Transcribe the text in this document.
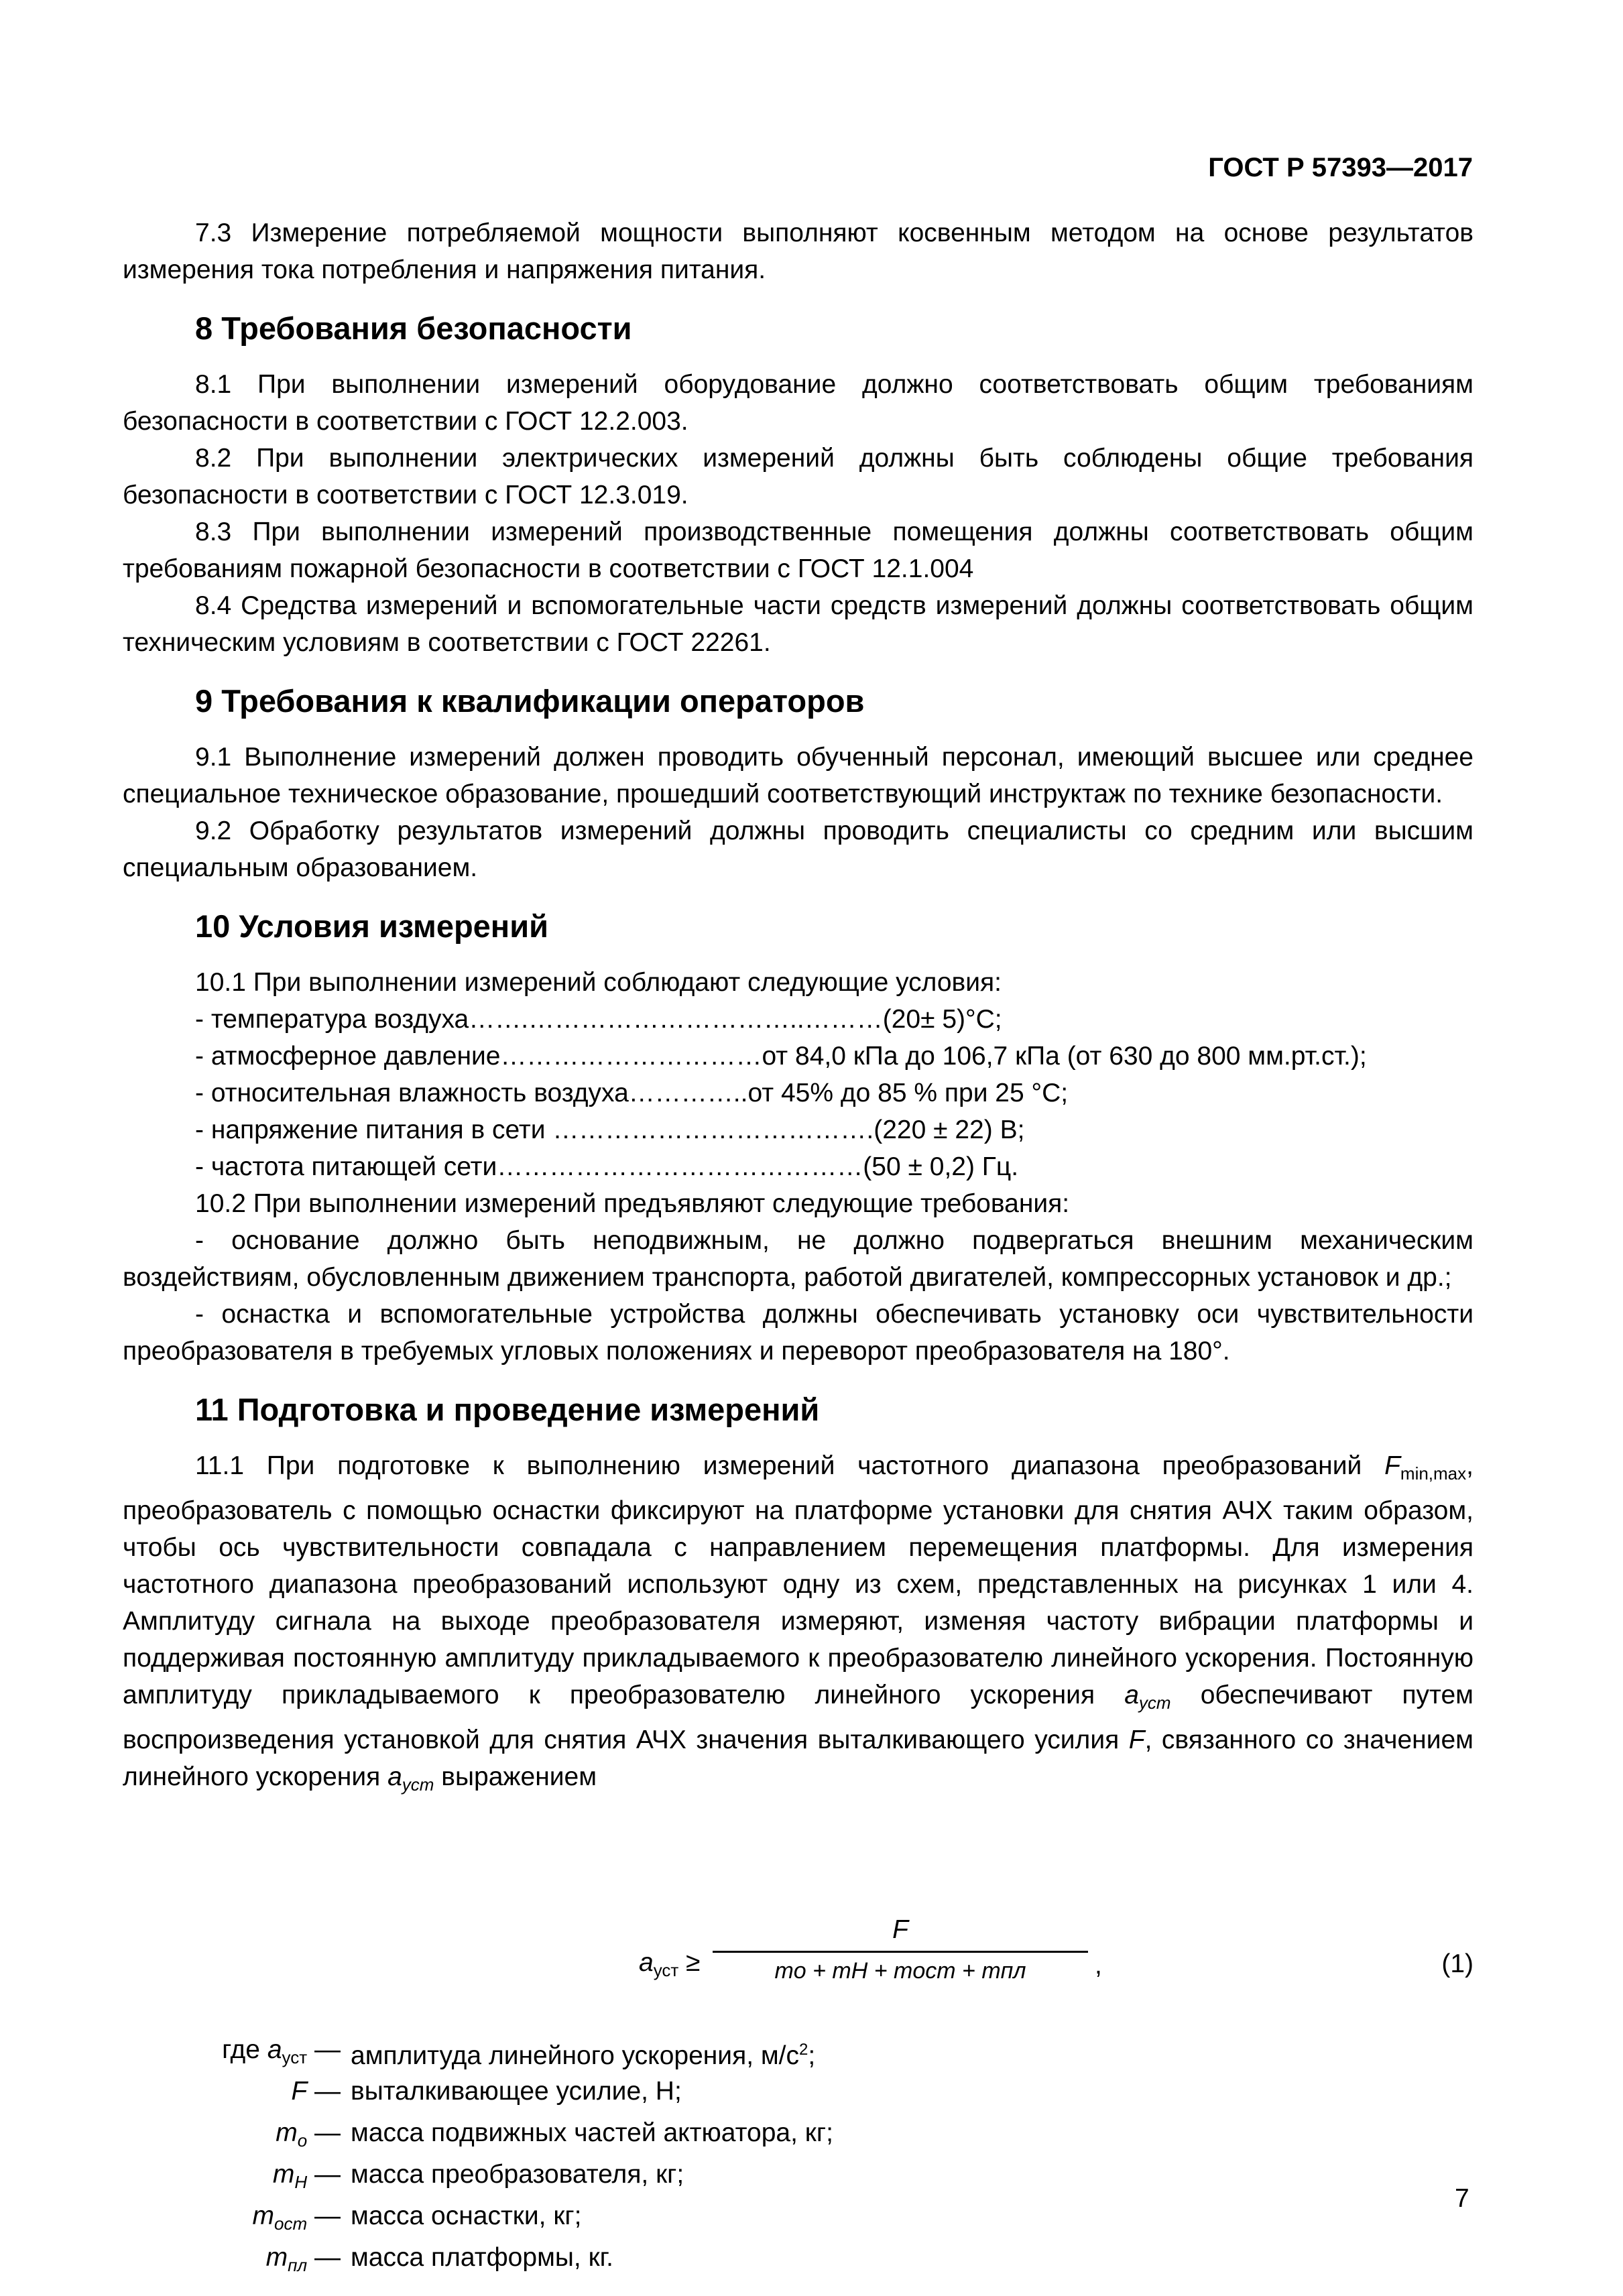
ГОСТ Р 57393—2017

7.3 Измерение потребляемой мощности выполняют косвенным методом на основе результатов измерения тока потребления и напряжения питания.

8 Требования безопасности

8.1 При выполнении измерений оборудование должно соответствовать общим требованиям безопасности в соответствии с ГОСТ 12.2.003.

8.2 При выполнении электрических измерений должны быть соблюдены общие требования безопасности в соответствии с ГОСТ 12.3.019.

8.3 При выполнении измерений производственные помещения должны соответствовать общим требованиям пожарной безопасности в соответствии с ГОСТ 12.1.004

8.4 Средства измерений и вспомогательные части средств измерений должны соответствовать общим техническим условиям в соответствии с ГОСТ 22261.

9 Требования к квалификации операторов

9.1 Выполнение измерений должен проводить обученный персонал, имеющий высшее или среднее специальное техническое образование, прошедший соответствующий инструктаж по технике безопасности.

9.2 Обработку результатов измерений должны проводить специалисты со средним или высшим специальным образованием.

10 Условия измерений

10.1 При выполнении измерений соблюдают следующие условия:

- температура воздуха…….…………………………..………(20± 5)°С;
- атмосферное давление…………………………от 84,0 кПа до 106,7 кПа (от 630 до 800 мм.рт.ст.);
- относительная влажность воздуха…………..от 45% до 85 % при 25 °С;
- напряжение питания в сети ……………………………….(220 ± 22) В;
- частота питающей сети……………………………………(50 ± 0,2) Гц.

10.2 При выполнении измерений предъявляют следующие требования:

- основание должно быть неподвижным, не должно подвергаться внешним механическим воздействиям, обусловленным движением транспорта, работой двигателей, компрессорных установок и др.;

- оснастка и вспомогательные устройства должны обеспечивать установку оси чувствительности преобразователя в требуемых угловых положениях и переворот преобразователя на 180°.

11 Подготовка и проведение измерений

11.1 При подготовке к выполнению измерений частотного диапазона преобразований $F_{min,max}$, преобразователь с помощью оснастки фиксируют на платформе установки для снятия АЧХ таким образом, чтобы ось чувствительности совпадала с направлением перемещения платформы. Для измерения частотного диапазона преобразований используют одну из схем, представленных на рисунках 1 или 4. Амплитуду сигнала на выходе преобразователя измеряют, изменяя частоту вибрации платформы и поддерживая постоянную амплитуду прикладываемого к преобразователю линейного ускорения. Постоянную амплитуду прикладываемого к преобразователю линейного ускорения $a_{уст}$ обеспечивают путем воспроизведения установкой для снятия АЧХ значения выталкивающего усилия F, связанного со значением линейного ускорения $a_{уст}$ выражением

$a_{уст}$ ≥
F
mо + mН + mост + mпл	,	(1)
где $a_{уст}$ — амплитуда линейного ускорения, $м/с^2$;
F — выталкивающее усилие, Н;
$m_о$ — масса подвижных частей актюатора, кг;
$m_Н$ — масса преобразователя, кг;
$m_{ост}$ — масса оснастки, кг;
$m_{пл}$ — масса платформы, кг.
7
